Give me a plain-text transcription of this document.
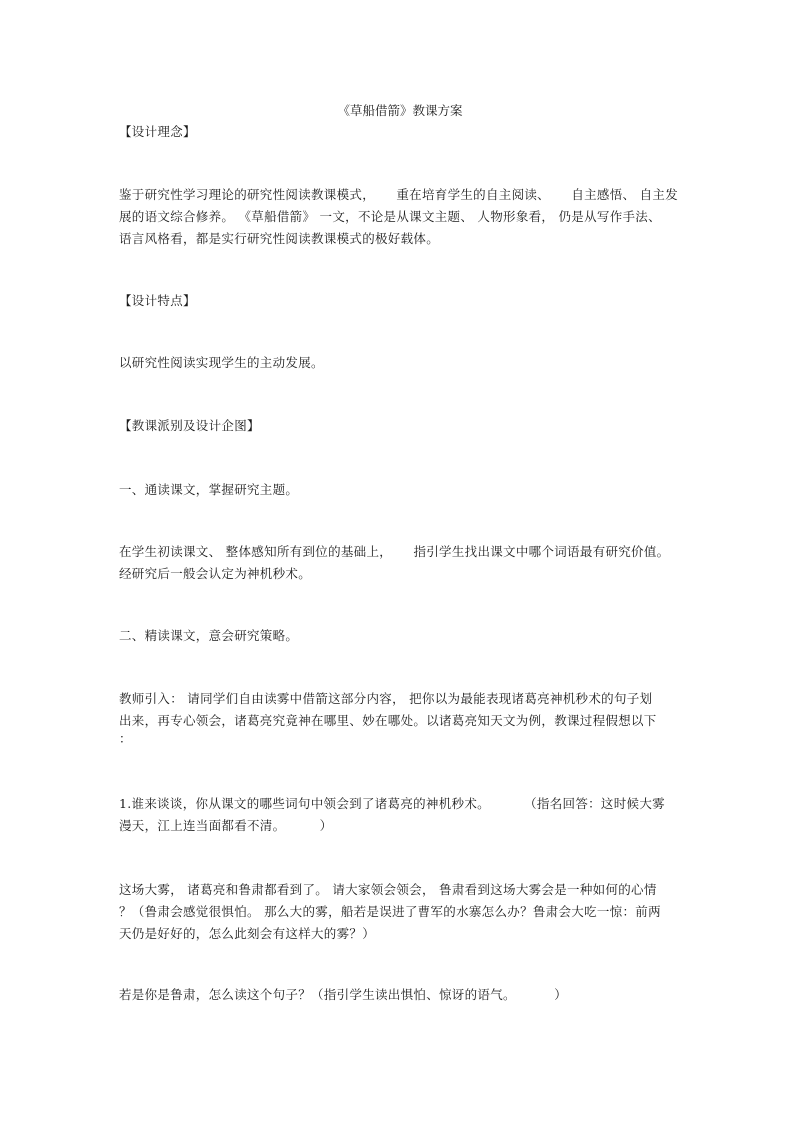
《草船借箭》教课方案
【设计理念】
鉴于研究性学习理论的研究性阅读教课模式，     重在培育学生的自主阅读、     自主感悟、 自主发
展的语文综合修养。 《草船借箭》 一文，不论是从课文主题、 人物形象看， 仍是从写作手法、
语言风格看，都是实行研究性阅读教课模式的极好载体。
【设计特点】
以研究性阅读实现学生的主动发展。
【教课派别及设计企图】
一、通读课文，掌握研究主题。
在学生初读课文、 整体感知所有到位的基础上，     指引学生找出课文中哪个词语最有研究价值。
经研究后一般会认定为神机秒术。
二、精读课文，意会研究策略。
教师引入： 请同学们自由读雾中借箭这部分内容， 把你以为最能表现诸葛亮神机秒术的句子划
出来，再专心领会，诸葛亮究竟神在哪里、妙在哪处。以诸葛亮知天文为例，教课过程假想以下
：
1.谁来谈谈，你从课文的哪些词句中领会到了诸葛亮的神机秒术。        （指名回答：这时候大雾
漫天，江上连当面都看不清。        ）
这场大雾， 诸葛亮和鲁肃都看到了。 请大家领会领会， 鲁肃看到这场大雾会是一种如何的心情
？（鲁肃会感觉很惧怕。 那么大的雾，船若是误进了曹军的水寨怎么办？鲁肃会大吃一惊：前两
天仍是好好的，怎么此刻会有这样大的雾？）
若是你是鲁肃，怎么读这个句子？（指引学生读出惧怕、惊讶的语气。         ）
